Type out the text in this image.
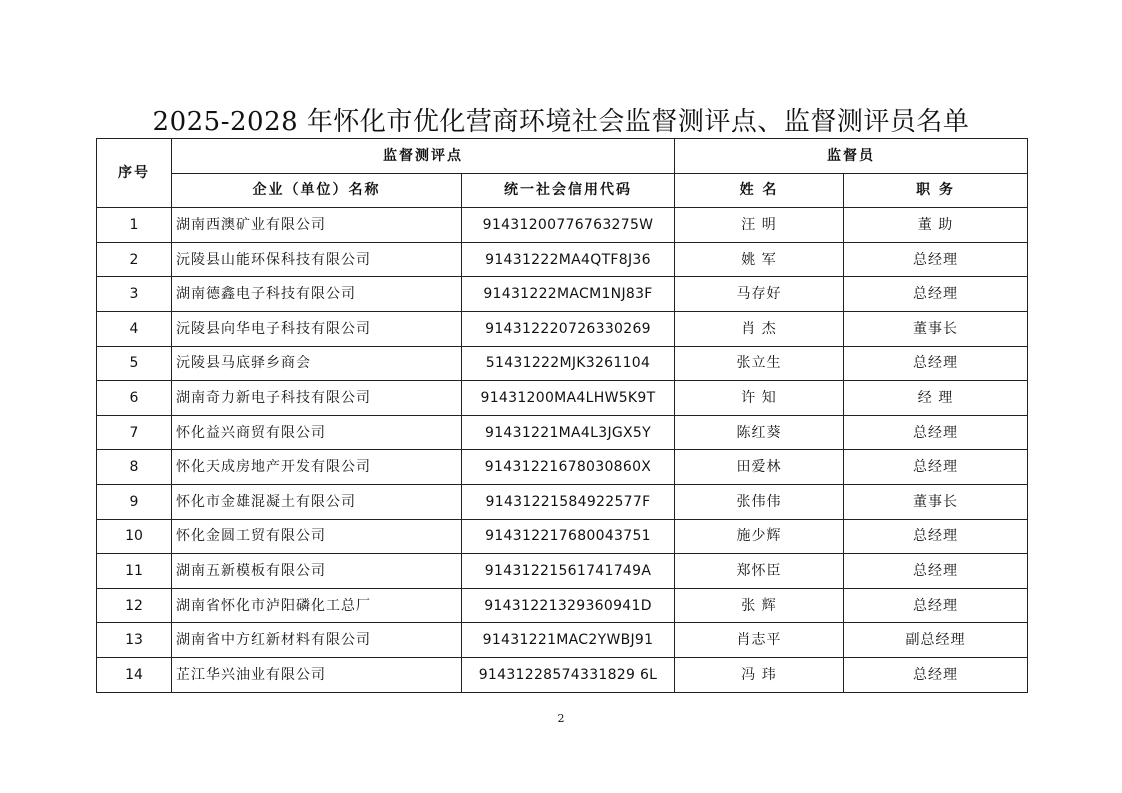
2025-2028 年怀化市优化营商环境社会监督测评点、监督测评员名单
序号	监督测评点		监督员	
	企业（单位）名称	统一社会信用代码	姓 名	职 务
1	湖南西澳矿业有限公司	91431200776763275W	汪 明	董 助
2	沅陵县山能环保科技有限公司	91431222MA4QTF8J36	姚 军	总经理
3	湖南德鑫电子科技有限公司	91431222MACM1NJ83F	马存好	总经理
4	沅陵县向华电子科技有限公司	914312220726330269	肖 杰	董事长
5	沅陵县马底驿乡商会	51431222MJK3261104	张立生	总经理
6	湖南奇力新电子科技有限公司	91431200MA4LHW5K9T	许 知	经 理
7	怀化益兴商贸有限公司	91431221MA4L3JGX5Y	陈红葵	总经理
8	怀化天成房地产开发有限公司	91431221678030860X	田爱林	总经理
9	怀化市金雄混凝土有限公司	91431221584922577F	张伟伟	董事长
10	怀化金圆工贸有限公司	914312217680043751	施少辉	总经理
11	湖南五新模板有限公司	91431221561741749A	郑怀臣	总经理
12	湖南省怀化市泸阳磷化工总厂	91431221329360941D	张 辉	总经理
13	湖南省中方红新材料有限公司	91431221MAC2YWBJ91	肖志平	副总经理
14	芷江华兴油业有限公司	91431228574331829 6L	冯 玮	总经理
2
